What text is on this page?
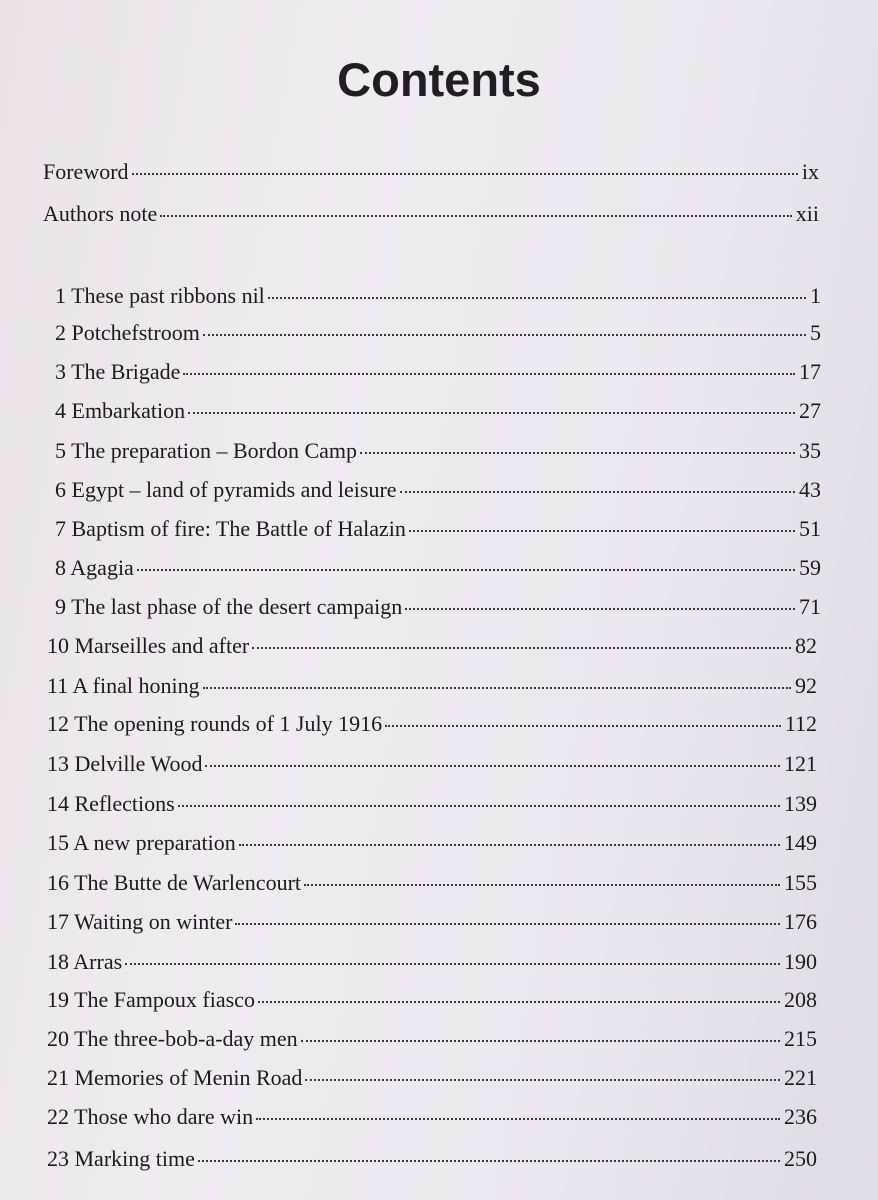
Contents
Foreword	ix
Authors note	xii
1 These past ribbons nil	1
2 Potchefstroom	5
3 The Brigade	17
4 Embarkation	27
5 The preparation – Bordon Camp	35
6 Egypt – land of pyramids and leisure	43
7 Baptism of fire: The Battle of Halazin	51
8 Agagia	59
9 The last phase of the desert campaign	71
10 Marseilles and after	82
11 A final honing	92
12 The opening rounds of 1 July 1916	112
13 Delville Wood	121
14 Reflections	139
15 A new preparation	149
16 The Butte de Warlencourt	155
17 Waiting on winter	176
18 Arras	190
19 The Fampoux fiasco	208
20 The three-bob-a-day men	215
21 Memories of Menin Road	221
22 Those who dare win	236
23 Marking time	250
